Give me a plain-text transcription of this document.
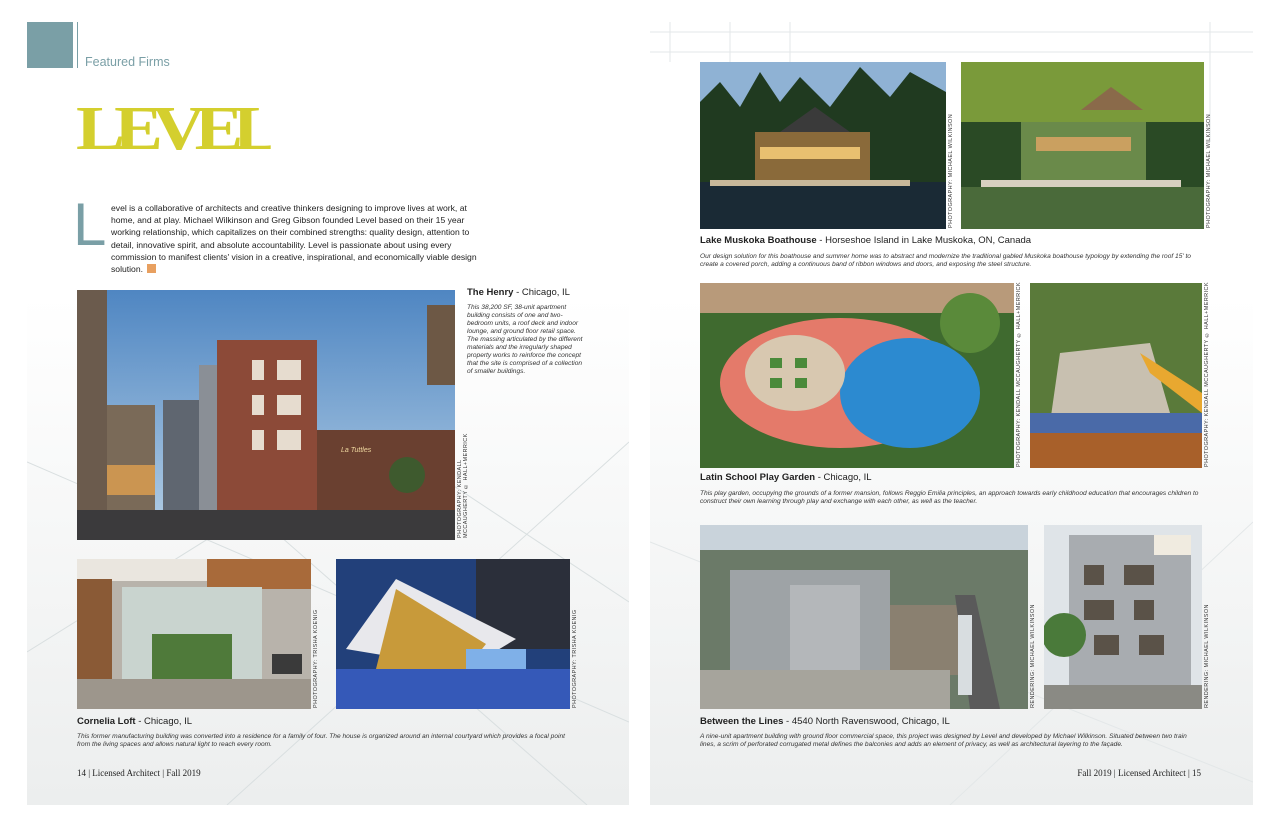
Featured Firms
LEVEL
L evel is a collaborative of architects and creative thinkers designing to improve lives at work, at home, and at play. Michael Wilkinson and Greg Gibson founded Level based on their 15 year working relationship, which capitalizes on their combined strengths: quality design, attention to detail, innovative spirit, and absolute accountability. Level is passionate about using every commission to manifest clients' vision in a creative, inspirational, and economically viable design solution.
La Tuttles
PHOTOGRAPHY: KENDALL MCCAUGHERTY © HALL+MERRICK
The Henry - Chicago, IL
This 38,200 SF, 38-unit apartment building consists of one and two-bedroom units, a roof deck and indoor lounge, and ground floor retail space. The massing articulated by the different materials and the irregularly shaped property works to reinforce the concept that the site is comprised of a collection of smaller buildings.
PHOTOGRAPHY: TRISHA KOENIG	PHOTOGRAPHY: TRISHA KOENIG
Cornelia Loft - Chicago, IL
This former manufacturing building was converted into a residence for a family of four. The house is organized around an internal courtyard which provides a focal point from the living spaces and allows natural light to reach every room.
14 | Licensed Architect | Fall 2019
PHOTOGRAPHY: MICHAEL WILKINSON	PHOTOGRAPHY: MICHAEL WILKINSON
Lake Muskoka Boathouse - Horseshoe Island in Lake Muskoka, ON, Canada
Our design solution for this boathouse and summer home was to abstract and modernize the traditional gabled Muskoka boathouse typology by extending the roof 15' to create a covered porch, adding a continuous band of ribbon windows and doors, and exposing the steel structure.
PHOTOGRAPHY: KENDALL MCCAUGHERTY © HALL+MERRICK	PHOTOGRAPHY: KENDALL MCCAUGHERTY © HALL+MERRICK
Latin School Play Garden - Chicago, IL
This play garden, occupying the grounds of a former mansion, follows Reggio Emilia principles, an approach towards early childhood education that encourages children to construct their own learning through play and exchange with each other, as well as the teacher.
RENDERING: MICHAEL WILKINSON	RENDERING: MICHAEL WILKINSON
Between the Lines - 4540 North Ravenswood, Chicago, IL
A nine-unit apartment building with ground floor commercial space, this project was designed by Level and developed by Michael Wilkinson. Situated between two train lines, a scrim of perforated corrugated metal defines the balconies and adds an element of privacy, as well as architectural layering to the façade.
Fall 2019 | Licensed Architect | 15
